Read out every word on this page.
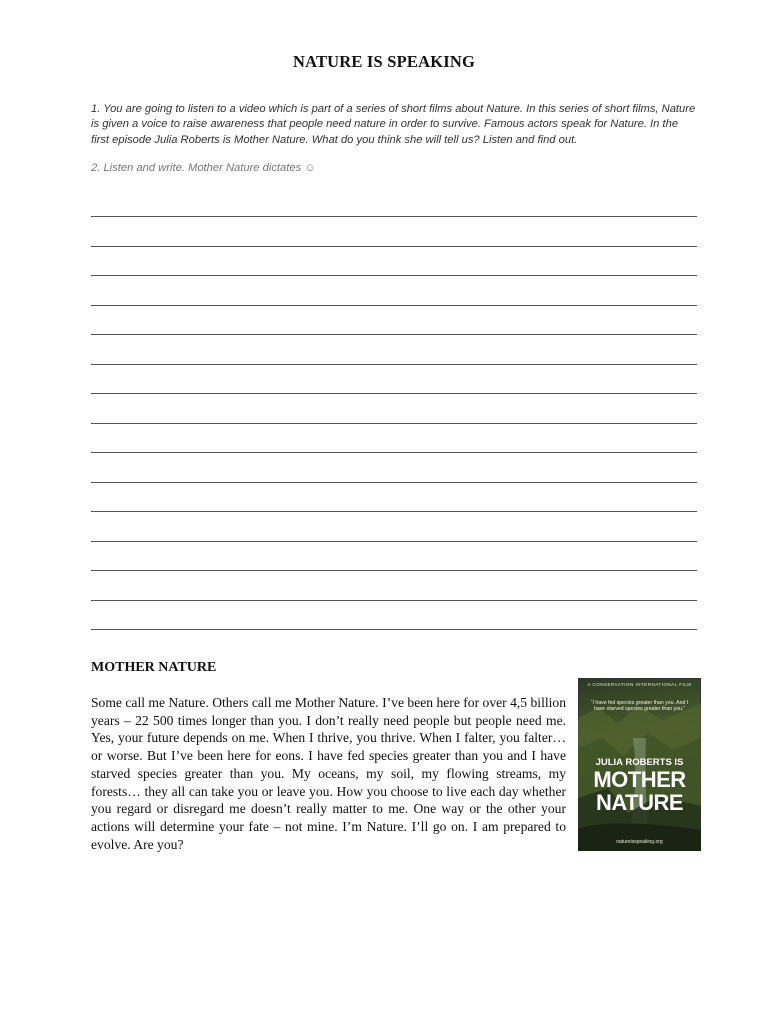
NATURE IS SPEAKING
1. You are going to listen to a video which is part of a series of short films about Nature. In this series of short films, Nature is given a voice to raise awareness that people need nature in order to survive. Famous actors speak for Nature. In the first episode Julia Roberts is Mother Nature. What do you think she will tell us? Listen and find out.
2. Listen and write. Mother Nature dictates ☺
MOTHER NATURE
Some call me Nature. Others call me Mother Nature. I’ve been here for over 4,5 billion years – 22 500 times longer than you. I don’t really need people but people need me. Yes, your future depends on me. When I thrive, you thrive. When I falter, you falter… or worse. But I’ve been here for eons. I have fed species greater than you and I have starved species greater than you. My oceans, my soil, my flowing streams, my forests… they all can take you or leave you. How you choose to live each day whether you regard or disregard me doesn’t really matter to me. One way or the other your actions will determine your fate – not mine. I’m Nature. I’ll go on. I am prepared to evolve. Are you?
A CONSERVATION INTERNATIONAL FILM
“I have fed species greater than you. And I have starved species greater than you.”
JULIA ROBERTS IS
MOTHER
NATURE
natureisspeaking.org
